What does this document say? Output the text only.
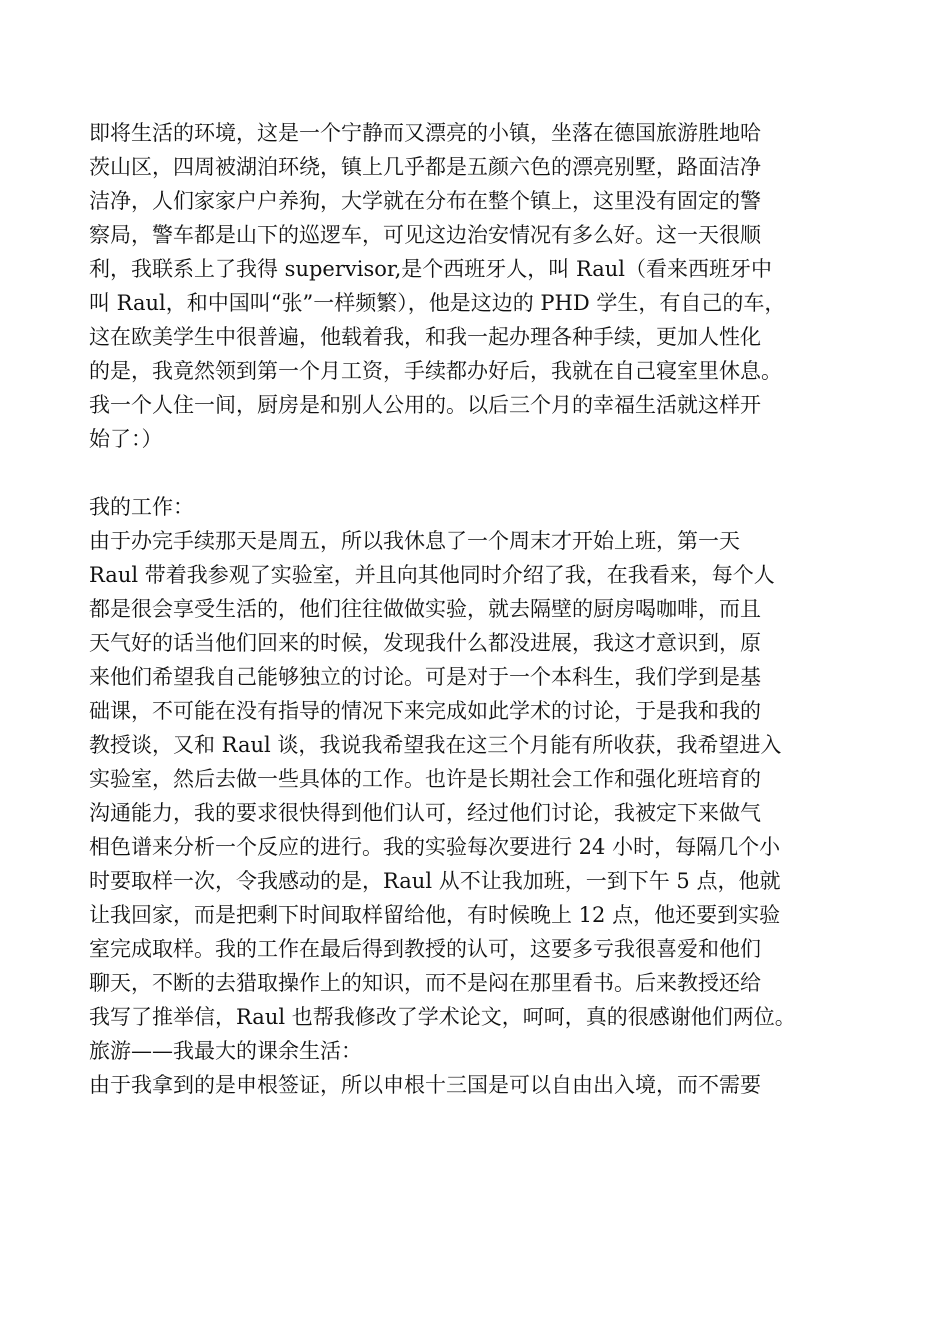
即将生活的环境，这是一个宁静而又漂亮的小镇，坐落在德国旅游胜地哈
茨山区，四周被湖泊环绕，镇上几乎都是五颜六色的漂亮别墅，路面洁净
洁净，人们家家户户养狗，大学就在分布在整个镇上，这里没有固定的警
察局，警车都是山下的巡逻车，可见这边治安情况有多么好。这一天很顺
利，我联系上了我得 supervisor,是个西班牙人，叫 Raul（看来西班牙中
叫 Raul，和中国叫“张”一样频繁），他是这边的 PHD 学生，有自己的车，
这在欧美学生中很普遍，他载着我，和我一起办理各种手续，更加人性化
的是，我竟然领到第一个月工资，手续都办好后，我就在自己寝室里休息。
我一个人住一间，厨房是和别人公用的。以后三个月的幸福生活就这样开
始了：）
我的工作：
由于办完手续那天是周五，所以我休息了一个周末才开始上班，第一天
Raul 带着我参观了实验室，并且向其他同时介绍了我，在我看来，每个人
都是很会享受生活的，他们往往做做实验，就去隔壁的厨房喝咖啡，而且
天气好的话当他们回来的时候，发现我什么都没进展，我这才意识到，原
来他们希望我自己能够独立的讨论。可是对于一个本科生，我们学到是基
础课，不可能在没有指导的情况下来完成如此学术的讨论，于是我和我的
教授谈，又和 Raul 谈，我说我希望我在这三个月能有所收获，我希望进入
实验室，然后去做一些具体的工作。也许是长期社会工作和强化班培育的
沟通能力，我的要求很快得到他们认可，经过他们讨论，我被定下来做气
相色谱来分析一个反应的进行。我的实验每次要进行 24 小时，每隔几个小
时要取样一次，令我感动的是，Raul 从不让我加班，一到下午 5 点，他就
让我回家，而是把剩下时间取样留给他，有时候晚上 12 点，他还要到实验
室完成取样。我的工作在最后得到教授的认可，这要多亏我很喜爱和他们
聊天，不断的去猎取操作上的知识，而不是闷在那里看书。后来教授还给
我写了推举信，Raul 也帮我修改了学术论文，呵呵，真的很感谢他们两位。
旅游——我最大的课余生活：
由于我拿到的是申根签证，所以申根十三国是可以自由出入境，而不需要
